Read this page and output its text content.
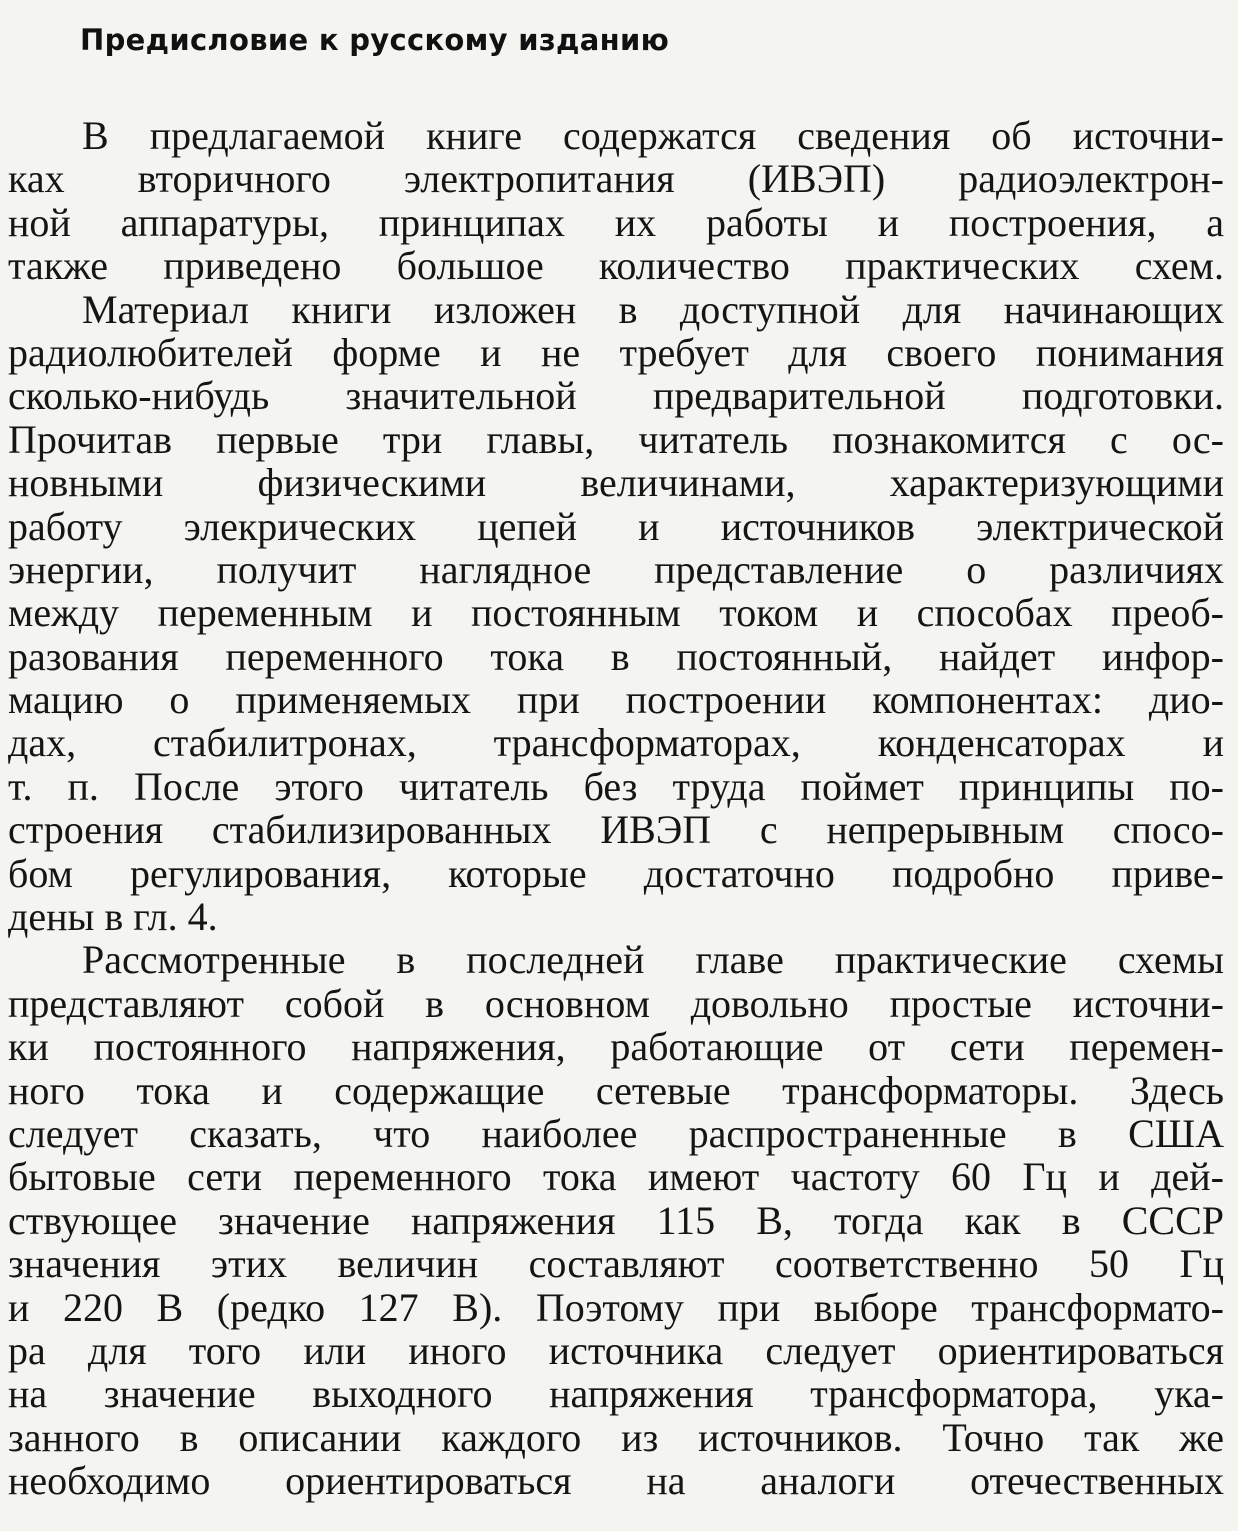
Предисловие к русскому изданию
В предлагаемой книге содержатся сведения об источни-
ках вторичного электропитания (ИВЭП) радиоэлектрон-
ной аппаратуры, принципах их работы и построения, а
также приведено большое количество практических схем.
Материал книги изложен в доступной для начинающих
радиолюбителей форме и не требует для своего понимания
сколько-нибудь значительной предварительной подготовки.
Прочитав первые три главы, читатель познакомится с ос-
новными физическими величинами, характеризующими
работу элекрических цепей и источников электрической
энергии, получит наглядное представление о различиях
между переменным и постоянным током и способах преоб-
разования переменного тока в постоянный, найдет инфор-
мацию о применяемых при построении компонентах: дио-
дах, стабилитронах, трансформаторах, конденсаторах и
т. п. После этого читатель без труда поймет принципы по-
строения стабилизированных ИВЭП с непрерывным спосо-
бом регулирования, которые достаточно подробно приве-
дены в гл. 4.
Рассмотренные в последней главе практические схемы
представляют собой в основном довольно простые источни-
ки постоянного напряжения, работающие от сети перемен-
ного тока и содержащие сетевые трансформаторы. Здесь
следует сказать, что наиболее распространенные в США
бытовые сети переменного тока имеют частоту 60 Гц и дей-
ствующее значение напряжения 115 В, тогда как в СССР
значения этих величин составляют соответственно 50 Гц
и 220 В (редко 127 В). Поэтому при выборе трансформато-
ра для того или иного источника следует ориентироваться
на значение выходного напряжения трансформатора, ука-
занного в описании каждого из источников. Точно так же
необходимо ориентироваться на аналоги отечественных
